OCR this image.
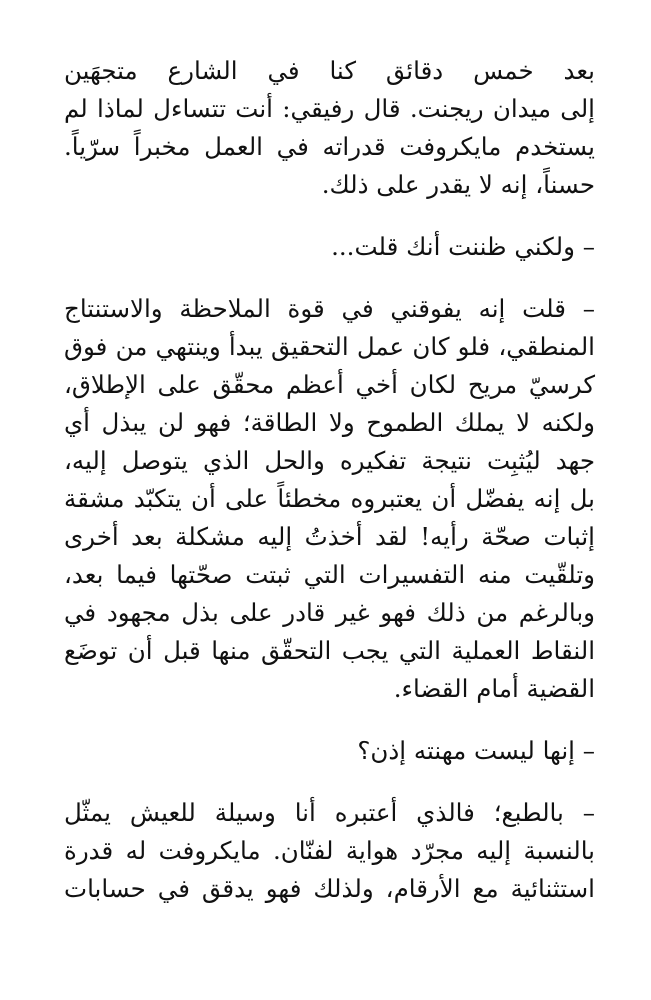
بعد خمس دقائق كنا في الشارع متجهَين
إلى ميدان ريجنت. قال رفيقي: أنت تتساءل لماذا لم
يستخدم مايكروفت قدراته في العمل مخبراً سرّياً.
حسناً، إنه لا يقدر على ذلك.

– ولكني ظننت أنك قلت...

– قلت إنه يفوقني في قوة الملاحظة والاستنتاج
المنطقي، فلو كان عمل التحقيق يبدأ وينتهي من فوق
كرسيّ مريح لكان أخي أعظم محقّق على الإطلاق،
ولكنه لا يملك الطموح ولا الطاقة؛ فهو لن يبذل أي
جهد ليُثبِت نتيجة تفكيره والحل الذي يتوصل إليه،
بل إنه يفضّل أن يعتبروه مخطئاً على أن يتكبّد مشقة
إثبات صحّة رأيه! لقد أخذتُ إليه مشكلة بعد أخرى
وتلقّيت منه التفسيرات التي ثبتت صحّتها فيما بعد،
وبالرغم من ذلك فهو غير قادر على بذل مجهود في
النقاط العملية التي يجب التحقّق منها قبل أن توضَع
القضية أمام القضاء.

– إنها ليست مهنته إذن؟

– بالطبع؛ فالذي أعتبره أنا وسيلة للعيش يمثّل
بالنسبة إليه مجرّد هواية لفنّان. مايكروفت له قدرة
استثنائية مع الأرقام، ولذلك فهو يدقق في حسابات
